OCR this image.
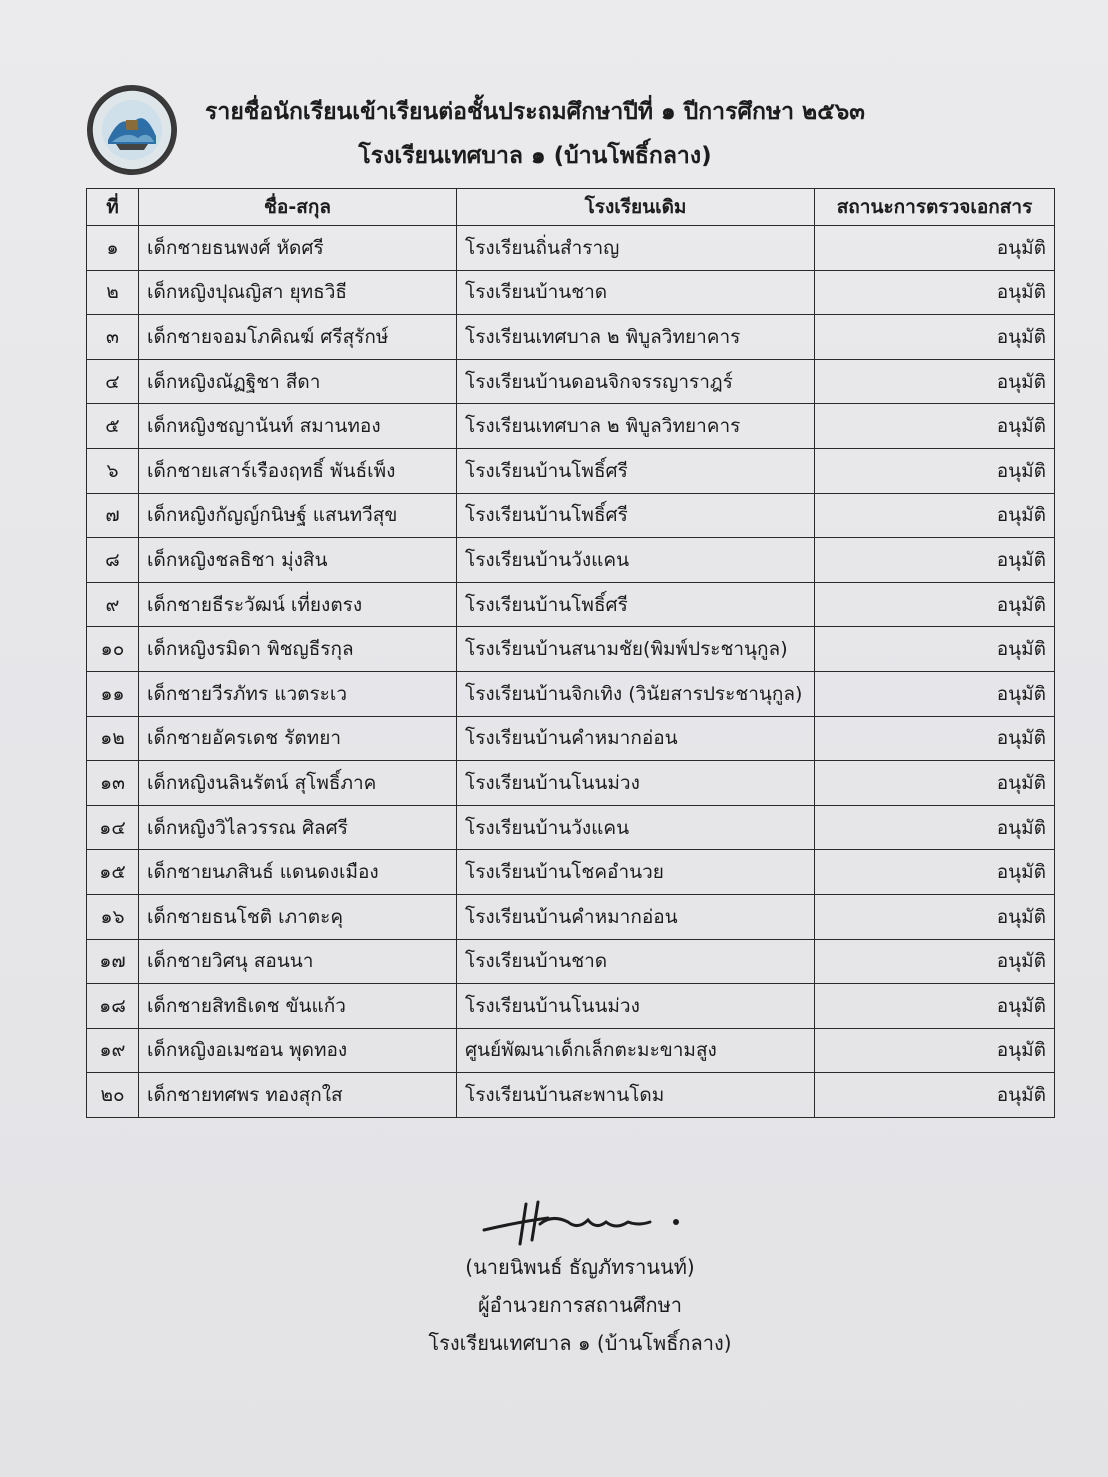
รายชื่อนักเรียนเข้าเรียนต่อชั้นประถมศึกษาปีที่ ๑ ปีการศึกษา ๒๕๖๓
โรงเรียนเทศบาล ๑ (บ้านโพธิ์กลาง)
ที่	ชื่อ-สกุล	โรงเรียนเดิม	สถานะการตรวจเอกสาร
๑	เด็กชายธนพงศ์ หัดศรี	โรงเรียนถิ่นสำราญ	อนุมัติ
๒	เด็กหญิงปุณญิสา ยุทธวิธี	โรงเรียนบ้านชาด	อนุมัติ
๓	เด็กชายจอมโภคิณฆ์ ศรีสุรักษ์	โรงเรียนเทศบาล ๒ พิบูลวิทยาคาร	อนุมัติ
๔	เด็กหญิงณัฏฐิชา สีดา	โรงเรียนบ้านดอนจิกจรรญาราฎร์	อนุมัติ
๕	เด็กหญิงชญานันท์ สมานทอง	โรงเรียนเทศบาล ๒ พิบูลวิทยาคาร	อนุมัติ
๖	เด็กชายเสาร์เรืองฤทธิ์ พันธ์เพ็ง	โรงเรียนบ้านโพธิ์ศรี	อนุมัติ
๗	เด็กหญิงกัญญ์กนิษฐ์ แสนทวีสุข	โรงเรียนบ้านโพธิ์ศรี	อนุมัติ
๘	เด็กหญิงชลธิชา มุ่งสิน	โรงเรียนบ้านวังแคน	อนุมัติ
๙	เด็กชายธีระวัฒน์ เที่ยงตรง	โรงเรียนบ้านโพธิ์ศรี	อนุมัติ
๑๐	เด็กหญิงรมิดา พิชญธีรกุล	โรงเรียนบ้านสนามชัย(พิมพ์ประชานุกูล)	อนุมัติ
๑๑	เด็กชายวีรภัทร แวตระเว	โรงเรียนบ้านจิกเทิง (วินัยสารประชานุกูล)	อนุมัติ
๑๒	เด็กชายอัครเดช รัตทยา	โรงเรียนบ้านคำหมากอ่อน	อนุมัติ
๑๓	เด็กหญิงนลินรัตน์ สุโพธิ์ภาค	โรงเรียนบ้านโนนม่วง	อนุมัติ
๑๔	เด็กหญิงวิไลวรรณ ศิลศรี	โรงเรียนบ้านวังแคน	อนุมัติ
๑๕	เด็กชายนภสินธ์ แดนดงเมือง	โรงเรียนบ้านโชคอำนวย	อนุมัติ
๑๖	เด็กชายธนโชติ เภาตะคุ	โรงเรียนบ้านคำหมากอ่อน	อนุมัติ
๑๗	เด็กชายวิศนุ สอนนา	โรงเรียนบ้านชาด	อนุมัติ
๑๘	เด็กชายสิทธิเดช ขันแก้ว	โรงเรียนบ้านโนนม่วง	อนุมัติ
๑๙	เด็กหญิงอเมซอน พุดทอง	ศูนย์พัฒนาเด็กเล็กตะมะขามสูง	อนุมัติ
๒๐	เด็กชายทศพร ทองสุกใส	โรงเรียนบ้านสะพานโดม	อนุมัติ
(นายนิพนธ์ ธัญภัทรานนท์)
ผู้อำนวยการสถานศึกษา
โรงเรียนเทศบาล ๑ (บ้านโพธิ์กลาง)
